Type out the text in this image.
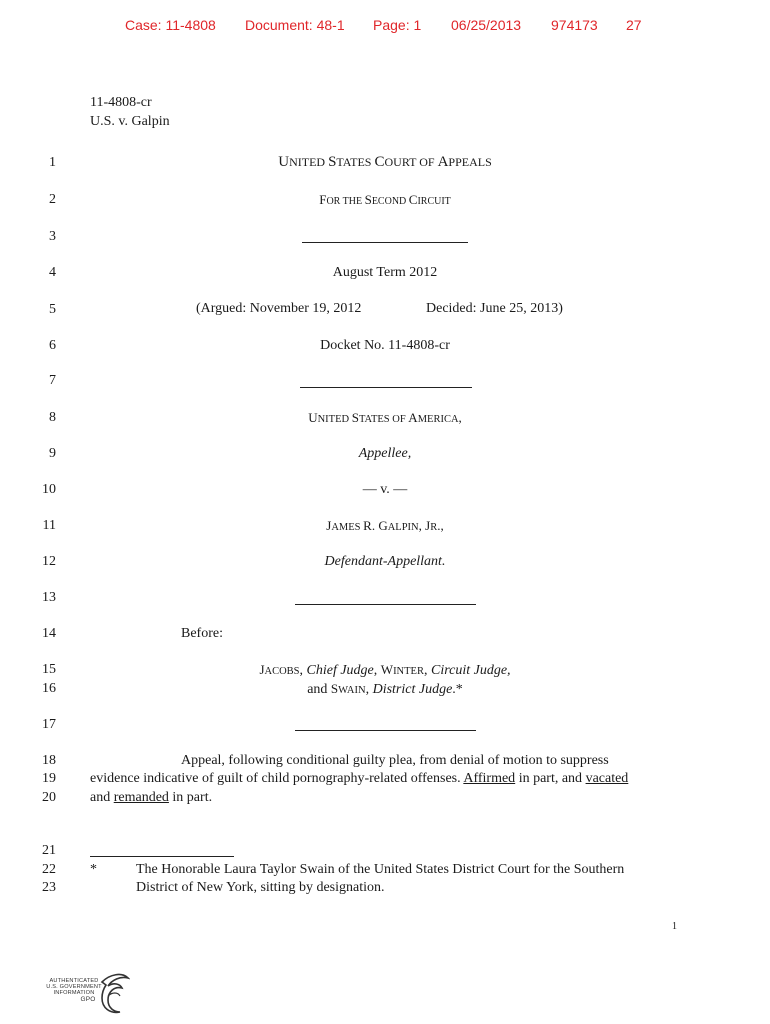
Case: 11-4808 Document: 48-1 Page: 1 06/25/2013 974173 27
11-4808-cr
U.S. v. Galpin
1
2
3
4
5
6
7
8
9
10
11
12
13
14
15
16
17
18
19
20
21
22
23
UNITED STATES COURT OF APPEALS
FOR THE SECOND CIRCUIT
August Term 2012
(Argued: November 19, 2012	Decided: June 25, 2013)
Docket No. 11-4808-cr
UNITED STATES OF AMERICA,
Appellee,
— v. —
JAMES R. GALPIN, JR.,
Defendant-Appellant.
Before:
JACOBS, Chief Judge, WINTER, Circuit Judge,
and SWAIN, District Judge.*
Appeal, following conditional guilty plea, from denial of motion to suppress
evidence indicative of guilt of child pornography-related offenses. Affirmed in part, and vacated
and remanded in part.
*	The Honorable Laura Taylor Swain of the United States District Court for the Southern
District of New York, sitting by designation.
1
AUTHENTICATED
U.S. GOVERNMENT
INFORMATION
GPO
